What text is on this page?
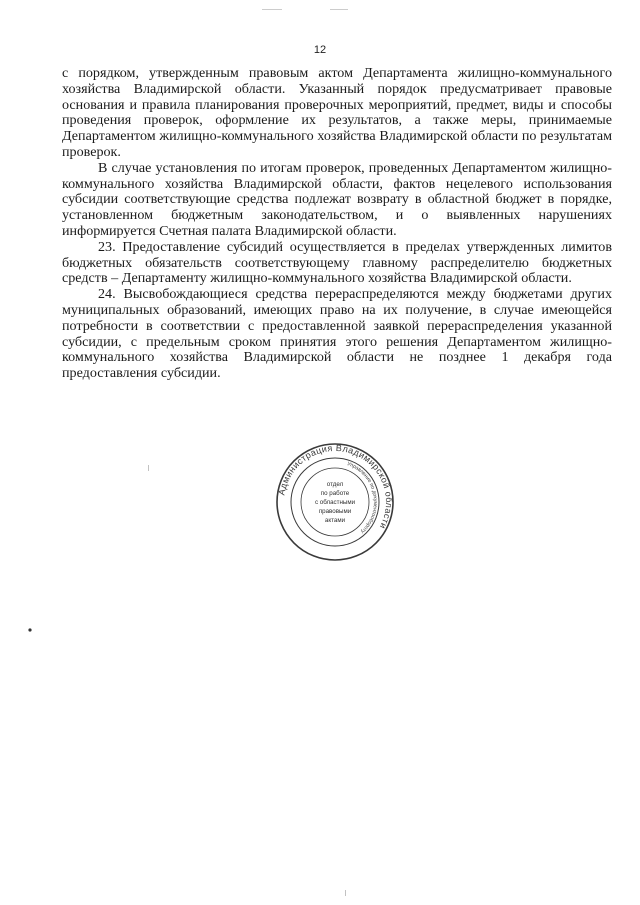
12

с порядком, утвержденным правовым актом Департамента жилищно-коммунального хозяйства Владимирской области. Указанный порядок предусматривает правовые основания и правила планирования проверочных мероприятий, предмет, виды и способы проведения проверок, оформление их результатов, а также меры, принимаемые Департаментом жилищно-коммунального хозяйства Владимирской области по результатам проверок.

В случае установления по итогам проверок, проведенных Департаментом жилищно-коммунального хозяйства Владимирской области, фактов нецелевого использования субсидии соответствующие средства подлежат возврату в областной бюджет в порядке, установленном бюджетным законодательством, и о выявленных нарушениях информируется Счетная палата Владимирской области.

23. Предоставление субсидий осуществляется в пределах утвержденных лимитов бюджетных обязательств соответствующему главному распределителю бюджетных средств – Департаменту жилищно-коммунального хозяйства Владимирской области.

24. Высвобождающиеся средства перераспределяются между бюджетами других муниципальных образований, имеющих право на их получение, в случае имеющейся потребности в соответствии с предоставленной заявкой перераспределения указанной субсидии, с предельным сроком принятия этого решения Департаментом жилищно-коммунального хозяйства Владимирской области не позднее 1 декабря года предоставления субсидии.

Администрация Владимирской области
Управление по документообороту
отдел
по работе
с областными
правовыми
актами
